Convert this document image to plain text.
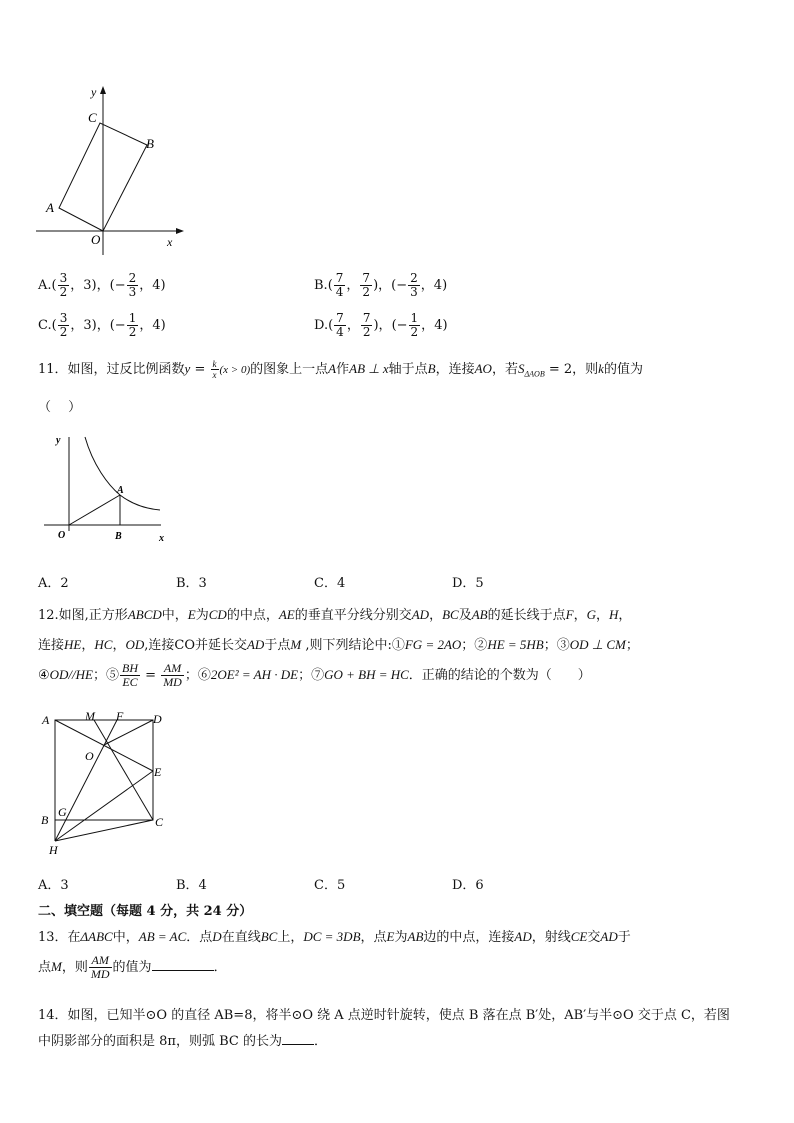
y
x
O
A
B
C
$A.( \frac{3}{2}$ ，3)，(− $\frac{2}{3}$ ，4)	$B.( \frac{7}{4}$ ， $\frac{7}{2}$ )，(− $\frac{2}{3}$ ，4)
$C.( \frac{3}{2}$ ，3)，(− $\frac{1}{2}$ ，4)	$D.( \frac{7}{4}$ ， $\frac{7}{2}$ )，(− $\frac{1}{2}$ ，4)
11．如图，过反比例函数$y = \frac{k}{x} (x > 0)$的图象上一点A作AB ⊥ x轴于点B，连接AO，若$S_{\Delta AOB} = 2$，则k的值为
（　 ）
y
x
O
A
B
A．2	B．3	C．4	D．5
12.如图,正方形ABCD中，E为CD的中点，AE的垂直平分线分别交AD，BC及AB的延长线于点F，G，H，
连接HE，HC，OD,连接CO并延长交AD于点M ,则下列结论中:①FG = 2AO；②HE = 5HB；③OD ⊥ CM；
④OD//HE；⑤ $\frac{BH}{EC} = \frac{AM}{MD}$ ；⑥2OE² = AH · DE；⑦GO + BH = HC．正确的结论的个数为（　　）
A	M F D
O
E
B
G
C
H
A．3	B．4	C．5	D．6
二、填空题（每题 4 分，共 24 分）
13．在ΔABC中，AB = AC．点D在直线BC上，DC = 3DB，点E为AB边的中点，连接AD，射线CE交AD于
点M，则 $\frac{AM}{MD}$ 的值为	．
14．如图，已知半⊙O 的直径 AB=8，将半⊙O 绕 A 点逆时针旋转，使点 B 落在点 B′处，AB′与半⊙O 交于点 C，若图
中阴影部分的面积是 8π，则弧 BC 的长为 ．
